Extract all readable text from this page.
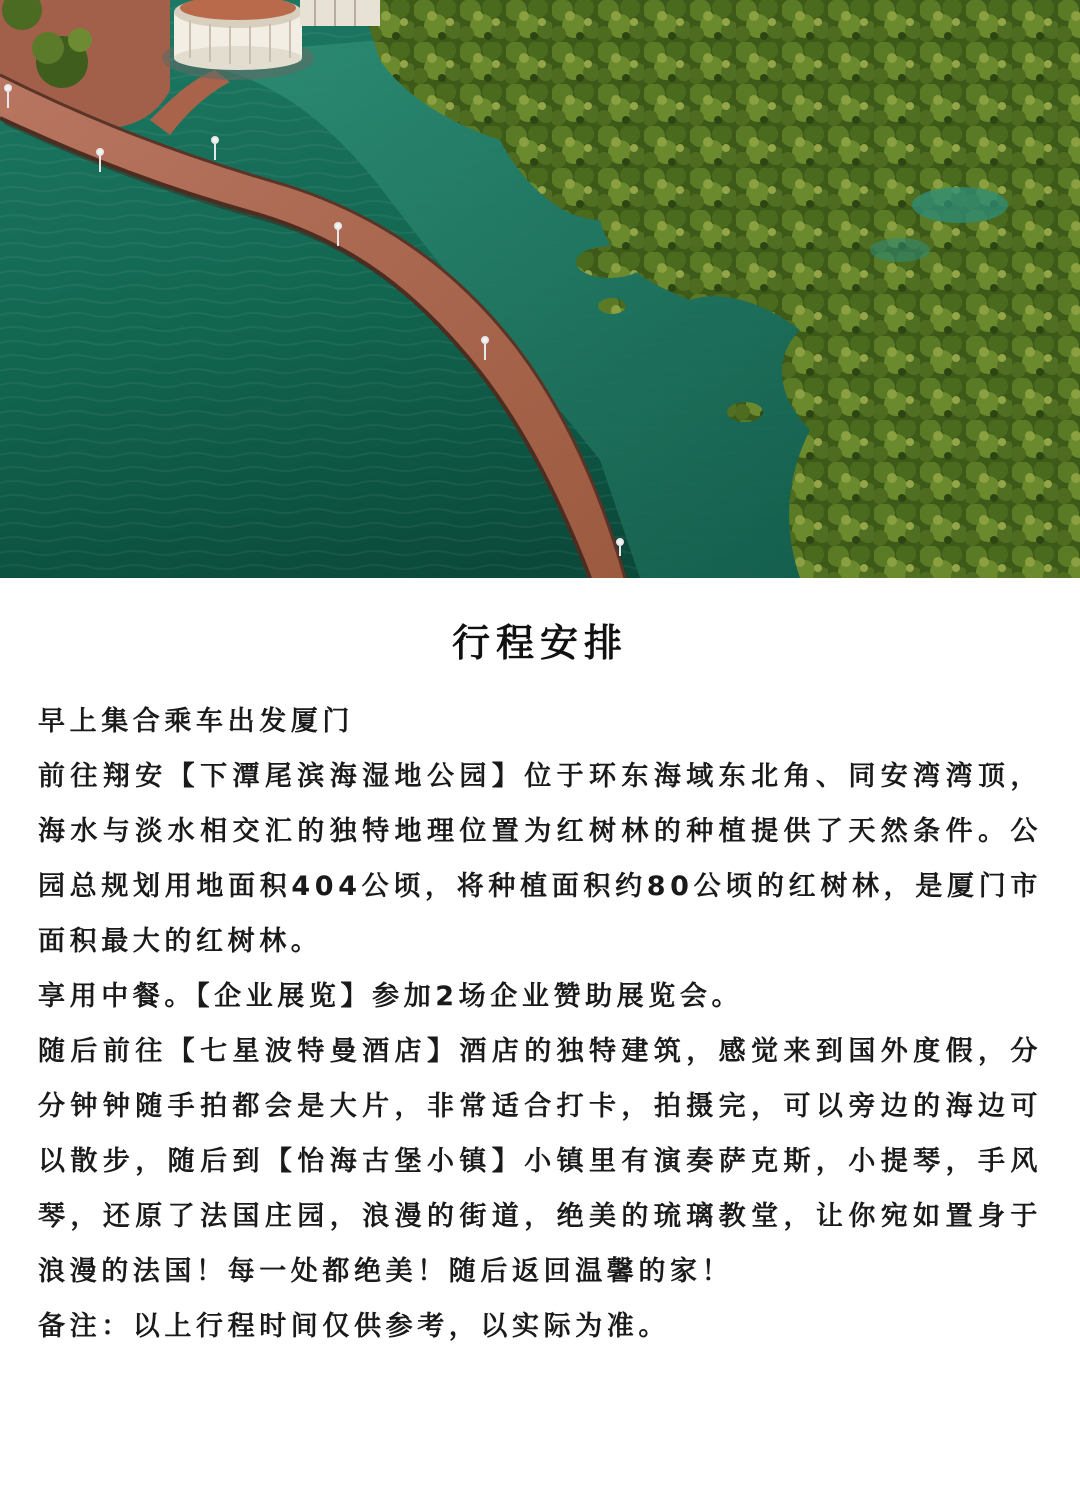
行程安排

早上集合乘车出发厦门

前往翔安【下潭尾滨海湿地公园】位于环东海域东北角、同安湾湾顶，海水与淡水相交汇的独特地理位置为红树林的种植提供了天然条件。公园总规划用地面积404公顷，将种植面积约80公顷的红树林，是厦门市面积最大的红树林。

享用中餐。【企业展览】参加2场企业赞助展览会。

随后前往【七星波特曼酒店】酒店的独特建筑，感觉来到国外度假，分分钟钟随手拍都会是大片，非常适合打卡，拍摄完，可以旁边的海边可以散步，随后到【怡海古堡小镇】小镇里有演奏萨克斯，小提琴，手风琴，还原了法国庄园，浪漫的街道，绝美的琉璃教堂，让你宛如置身于浪漫的法国！每一处都绝美！随后返回温馨的家！

备注：以上行程时间仅供参考，以实际为准。
